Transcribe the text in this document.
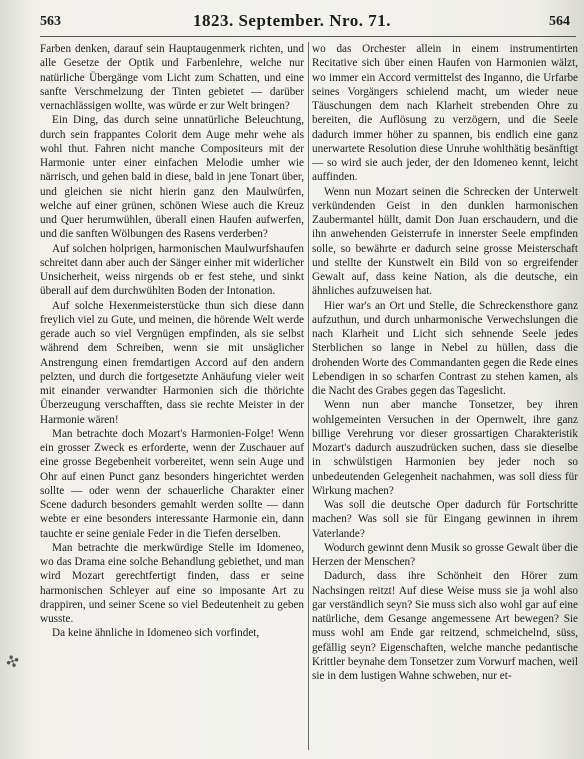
563	1823. September. Nro. 71.	564

Farben denken, darauf sein Hauptaugenmerk richten, und alle Gesetze der Optik und Farbenlehre, welche nur natürliche Übergänge vom Licht zum Schatten, und eine sanfte Verschmelzung der Tinten gebietet — darüber vernachlässigen wollte, was würde er zur Welt bringen?

Ein Ding, das durch seine unnatürliche Beleuchtung, durch sein frappantes Colorit dem Auge mehr wehe als wohl thut. Fahren nicht manche Compositeurs mit der Harmonie unter einer einfachen Melodie umher wie närrisch, und gehen bald in diese, bald in jene Tonart über, und gleichen sie nicht hierin ganz den Maulwürfen, welche auf einer grünen, schönen Wiese auch die Kreuz und Quer herumwühlen, überall einen Haufen aufwerfen, und die sanften Wölbungen des Rasens verderben?

Auf solchen holprigen, harmonischen Maulwurfshaufen schreitet dann aber auch der Sänger einher mit widerlicher Unsicherheit, weiss nirgends ob er fest stehe, und sinkt überall auf dem durchwühlten Boden der Intonation.

Auf solche Hexenmeisterstücke thun sich diese dann freylich viel zu Gute, und meinen, die hörende Welt werde gerade auch so viel Vergnügen empfinden, als sie selbst während dem Schreiben, wenn sie mit unsäglicher Anstrengung einen fremdartigen Accord auf den andern pelzten, und durch die fortgesetzte Anhäufung vieler weit mit einander verwandter Harmonien sich die thörichte Überzeugung verschafften, dass sie rechte Meister in der Harmonie wären!

Man betrachte doch Mozart's Harmonien-Folge! Wenn ein grosser Zweck es erforderte, wenn der Zuschauer auf eine grosse Begebenheit vorbereitet, wenn sein Auge und Ohr auf einen Punct ganz besonders hingerichtet werden sollte — oder wenn der schauerliche Charakter einer Scene dadurch besonders gemahlt werden sollte — dann webte er eine besonders interessante Harmonie ein, dann tauchte er seine geniale Feder in die Tiefen derselben.

Man betrachte die merkwürdige Stelle im Idomeneo, wo das Drama eine solche Behandlung gebiethet, und man wird Mozart gerechtfertigt finden, dass er seine harmonischen Schleyer auf eine so imposante Art zu drappiren, und seiner Scene so viel Bedeutenheit zu geben wusste.

Da keine ähnliche in Idomeneo sich vorfindet,

wo das Orchester allein in einem instrumentirten Recitative sich über einen Haufen von Harmonien wälzt, wo immer ein Accord vermittelst des Inganno, die Urfarbe seines Vorgängers schielend macht, um wieder neue Täuschungen dem nach Klarheit strebenden Ohre zu bereiten, die Auflösung zu verzögern, und die Seele dadurch immer höher zu spannen, bis endlich eine ganz unerwartete Resolution diese Unruhe wohlthätig besänftigt — so wird sie auch jeder, der den Idomeneo kennt, leicht auffinden.

Wenn nun Mozart seinen die Schrecken der Unterwelt verkündenden Geist in den dunklen harmonischen Zaubermantel hüllt, damit Don Juan erschaudern, und die ihn anwehenden Geisterrufe in innerster Seele empfinden solle, so bewährte er dadurch seine grosse Meisterschaft und stellte der Kunstwelt ein Bild von so ergreifender Gewalt auf, dass keine Nation, als die deutsche, ein ähnliches aufzuweisen hat.

Hier war's an Ort und Stelle, die Schreckensthore ganz aufzuthun, und durch unharmonische Verwechslungen die nach Klarheit und Licht sich sehnende Seele jedes Sterblichen so lange in Nebel zu hüllen, dass die drohenden Worte des Commandanten gegen die Rede eines Lebendigen in so scharfen Contrast zu stehen kamen, als die Nacht des Grabes gegen das Tageslicht.

Wenn nun aber manche Tonsetzer, bey ihren wohlgemeinten Versuchen in der Opernwelt, ihre ganz billige Verehrung vor dieser grossartigen Charakteristik Mozart's dadurch auszudrücken suchen, dass sie dieselbe in schwülstigen Harmonien bey jeder noch so unbedeutenden Gelegenheit nachahmen, was soll diess für Wirkung machen?

Was soll die deutsche Oper dadurch für Fortschritte machen? Was soll sie für Eingang gewinnen in ihrem Vaterlande?

Wodurch gewinnt denn Musik so grosse Gewalt über die Herzen der Menschen?

Dadurch, dass ihre Schönheit den Hörer zum Nachsingen reitzt! Auf diese Weise muss sie ja wohl also gar verständlich seyn? Sie muss sich also wohl gar auf eine natürliche, dem Gesange angemessene Art bewegen? Sie muss wohl am Ende gar reitzend, schmeichelnd, süss, gefällig seyn? Eigenschaften, welche manche pedantische Krittler beynahe dem Tonsetzer zum Vorwurf machen, weil sie in dem lustigen Wahne schweben, nur et-

✣
